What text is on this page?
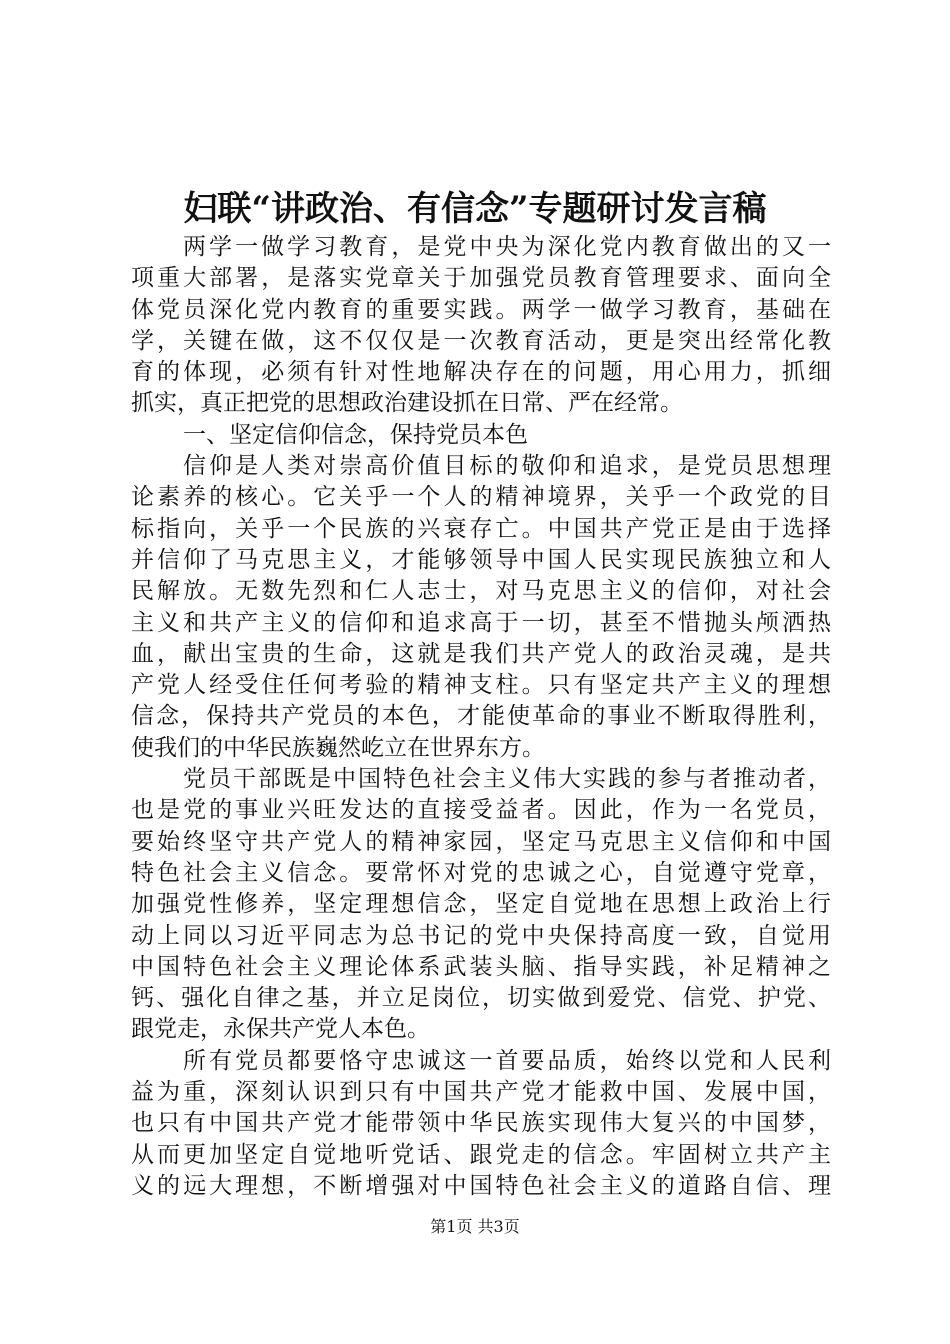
妇联“讲政治、有信念”专题研讨发言稿
两学一做学习教育，是党中央为深化党内教育做出的又一
项重大部署，是落实党章关于加强党员教育管理要求、面向全
体党员深化党内教育的重要实践。两学一做学习教育，基础在
学，关键在做，这不仅仅是一次教育活动，更是突出经常化教
育的体现，必须有针对性地解决存在的问题，用心用力，抓细
抓实，真正把党的思想政治建设抓在日常、严在经常。
一、坚定信仰信念，保持党员本色
信仰是人类对崇高价值目标的敬仰和追求，是党员思想理
论素养的核心。它关乎一个人的精神境界，关乎一个政党的目
标指向，关乎一个民族的兴衰存亡。中国共产党正是由于选择
并信仰了马克思主义，才能够领导中国人民实现民族独立和人
民解放。无数先烈和仁人志士，对马克思主义的信仰，对社会
主义和共产主义的信仰和追求高于一切，甚至不惜抛头颅洒热
血，献出宝贵的生命，这就是我们共产党人的政治灵魂，是共
产党人经受住任何考验的精神支柱。只有坚定共产主义的理想
信念，保持共产党员的本色，才能使革命的事业不断取得胜利，
使我们的中华民族巍然屹立在世界东方。
党员干部既是中国特色社会主义伟大实践的参与者推动者，
也是党的事业兴旺发达的直接受益者。因此，作为一名党员，
要始终坚守共产党人的精神家园，坚定马克思主义信仰和中国
特色社会主义信念。要常怀对党的忠诚之心，自觉遵守党章，
加强党性修养，坚定理想信念，坚定自觉地在思想上政治上行
动上同以习近平同志为总书记的党中央保持高度一致，自觉用
中国特色社会主义理论体系武装头脑、指导实践，补足精神之
钙、强化自律之基，并立足岗位，切实做到爱党、信党、护党、
跟党走，永保共产党人本色。
所有党员都要恪守忠诚这一首要品质，始终以党和人民利
益为重，深刻认识到只有中国共产党才能救中国、发展中国，
也只有中国共产党才能带领中华民族实现伟大复兴的中国梦，
从而更加坚定自觉地听党话、跟党走的信念。牢固树立共产主
义的远大理想，不断增强对中国特色社会主义的道路自信、理
第1页 共3页
